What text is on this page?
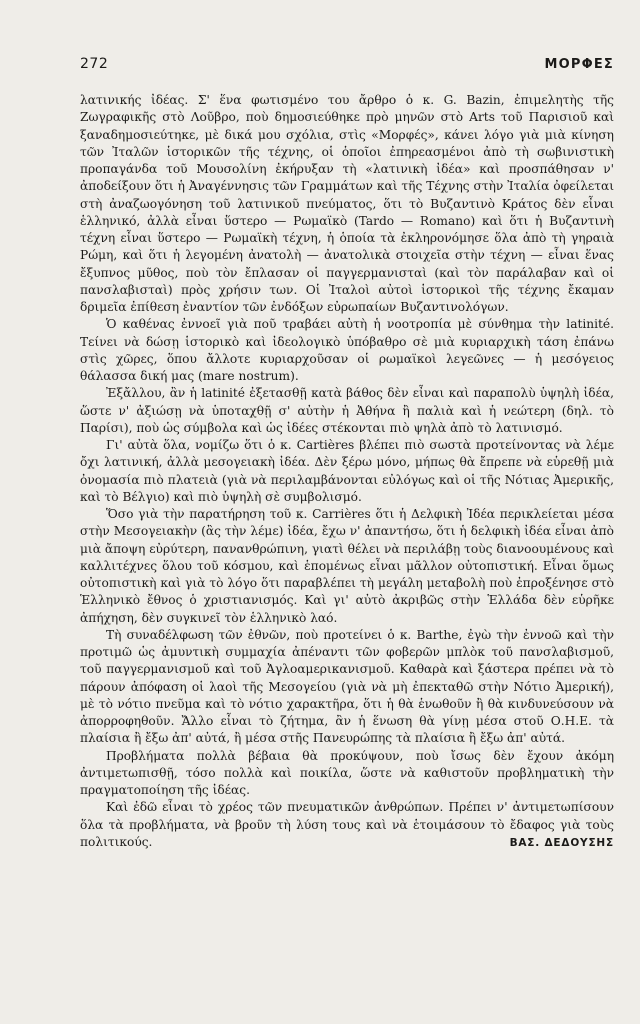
272	ΜΟΡΦΕΣ

λατινικής ἰδέας. Σ' ἕνα φωτισμένο του ἄρθρο ὁ κ. G. Bazin, ἐπιμελητὴς τῆς Ζωγραφικῆς στὸ Λοῦβρο, ποὺ δημοσιεύθηκε πρὸ μηνῶν στὸ Arts τοῦ Παρισιοῦ καὶ ξαναδημοσιεύτηκε, μὲ δικά μου σχόλια, στὶς «Μορφές», κάνει λόγο γιὰ μιὰ κίνηση τῶν Ἰταλῶν ἱστορικῶν τῆς τέχνης, οἱ ὁποῖοι ἐπηρεασμένοι ἀπὸ τὴ σωβινιστικὴ προπαγάνδα τοῦ Μουσολίνη ἐκήρυξαν τὴ «λατινικὴ ἰδέα» καὶ προσπάθησαν ν' ἀποδείξουν ὅτι ἡ Ἀναγέννησις τῶν Γραμμάτων καὶ τῆς Τέχνης στὴν Ἰταλία ὀφείλεται στὴ ἀναζωογόνηση τοῦ λατινικοῦ πνεύματος, ὅτι τὸ Βυζαντινὸ Κράτος δὲν εἶναι ἑλληνικό, ἀλλὰ εἶναι ὕστερο — Ρωμαϊκὸ (Tardo — Romano) καὶ ὅτι ἡ Βυζαντινὴ τέχνη εἶναι ὕστερο — Ρωμαϊκὴ τέχνη, ἡ ὁποία τὰ ἐκληρονόμησε ὅλα ἀπὸ τὴ γηραιὰ Ρώμη, καὶ ὅτι ἡ λεγομένη ἀνατολὴ — ἀνατολικὰ στοιχεῖα στὴν τέχνη — εἶναι ἕνας ἔξυπνος μῦθος, ποὺ τὸν ἔπλασαν οἱ παγγερμανισταὶ (καὶ τὸν παράλαβαν καὶ οἱ πανσλαβισταὶ) πρὸς χρήσιν των. Οἱ Ἰταλοὶ αὐτοὶ ἱστορικοὶ τῆς τέχνης ἔκαμαν δριμεῖα ἐπίθεση ἐναντίον τῶν ἐνδόξων εὐρωπαίων Βυζαντινολόγων.

Ὁ καθένας ἐννοεῖ γιὰ ποῦ τραβάει αὐτὴ ἡ νοοτροπία μὲ σύνθημα τὴν latinité. Τείνει νὰ δώσῃ ἱστορικὸ καὶ ἰδεολογικὸ ὑπόβαθρο σὲ μιὰ κυριαρχικὴ τάση ἐπάνω στὶς χῶρες, ὅπου ἄλλοτε κυριαρχοῦσαν οἱ ρωμαϊκοὶ λεγεῶνες — ἡ μεσόγειος θάλασσα δική μας (mare nostrum).

Ἐξἄλλου, ἂν ἡ latinité ἐξετασθῇ κατὰ βάθος δὲν εἶναι καὶ παραπολὺ ὑψηλὴ ἰδέα, ὥστε ν' ἀξιώσῃ νὰ ὑποταχθῇ σ' αὐτὴν ἡ Ἀθήνα ἢ παλιὰ καὶ ἡ νεώτερη (δηλ. τὸ Παρίσι), ποὺ ὡς σύμβολα καὶ ὡς ἰδέες στέκονται πιὸ ψηλὰ ἀπὸ τὸ λατινισμό.

Γι' αὐτὰ ὅλα, νομίζω ὅτι ὁ κ. Cartières βλέπει πιὸ σωστὰ προτείνοντας νὰ λέμε ὄχι λατινική, ἀλλὰ μεσογειακὴ ἰδέα. Δὲν ξέρω μόνο, μήπως θὰ ἔπρεπε νὰ εὑρεθῇ μιὰ ὀνομασία πιὸ πλατειὰ (γιὰ νὰ περιλαμβάνονται εὐλόγως καὶ οἱ τῆς Νότιας Ἀμερικῆς, καὶ τὸ Βέλγιο) καὶ πιὸ ὑψηλὴ σὲ συμβολισμό.

Ὅσο γιὰ τὴν παρατήρηση τοῦ κ. Carrières ὅτι ἡ Δελφικὴ Ἰδέα περικλείεται μέσα στὴν Μεσογειακὴν (ἂς τὴν λέμε) ἰδέα, ἔχω ν' ἀπαντήσω, ὅτι ἡ δελφικὴ ἰδέα εἶναι ἀπὸ μιὰ ἄποψη εὐρύτερη, πανανθρώπινη, γιατὶ θέλει νὰ περιλάβῃ τοὺς διανοουμένους καὶ καλλιτέχνες ὅλου τοῦ κόσμου, καὶ ἑπομένως εἶναι μᾶλλον οὐτοπιστική. Εἶναι ὅμως οὐτοπιστικὴ καὶ γιὰ τὸ λόγο ὅτι παραβλέπει τὴ μεγάλη μεταβολὴ ποὺ ἐπροξένησε στὸ Ἑλληνικὸ ἔθνος ὁ χριστιανισμός. Καὶ γι' αὐτὸ ἀκριβῶς στὴν Ἑλλάδα δὲν εὑρῆκε ἀπήχηση, δὲν συγκινεῖ τὸν ἑλληνικὸ λαό.

Τὴ συναδέλφωση τῶν ἐθνῶν, ποὺ προτείνει ὁ κ. Barthe, ἐγὼ τὴν ἐννοῶ καὶ τὴν προτιμῶ ὡς ἀμυντικὴ συμμαχία ἀπέναντι τῶν φοβερῶν μπλὸκ τοῦ πανσλαβισμοῦ, τοῦ παγγερμανισμοῦ καὶ τοῦ Ἀγλοαμερικανισμοῦ. Καθαρὰ καὶ ξάστερα πρέπει νὰ τὸ πάρουν ἀπόφαση οἱ λαοὶ τῆς Μεσογείου (γιὰ νὰ μὴ ἐπεκταθῶ στὴν Νότιο Ἀμερική), μὲ τὸ νότιο πνεῦμα καὶ τὸ νότιο χαρακτῆρα, ὅτι ἡ θὰ ἑνωθοῦν ἢ θὰ κινδυνεύσουν νὰ ἀπορροφηθοῦν. Ἄλλο εἶναι τὸ ζήτημα, ἂν ἡ ἕνωση θὰ γίνῃ μέσα στοῦ Ο.Η.Ε. τὰ πλαίσια ἢ ἔξω ἀπ' αὐτά, ἢ μέσα στῆς Πανευρώπης τὰ πλαίσια ἢ ἔξω ἀπ' αὐτά.

Προβλήματα πολλὰ βέβαια θὰ προκύψουν, ποὺ ἴσως δὲν ἔχουν ἀκόμη ἀντιμετωπισθῇ, τόσο πολλὰ καὶ ποικίλα, ὥστε νὰ καθιστοῦν προβληματικὴ τὴν πραγματοποίηση τῆς ἰδέας.

Καὶ ἐδῶ εἶναι τὸ χρέος τῶν πνευματικῶν ἀνθρώπων. Πρέπει ν' ἀντιμετωπίσουν ὅλα τὰ προβλήματα, νὰ βροῦν τὴ λύση τους καὶ νὰ ἑτοιμάσουν τὸ ἔδαφος γιὰ τοὺς πολιτικούς.	ΒΑΣ. ΔΕΔΟΥΣΗΣ
